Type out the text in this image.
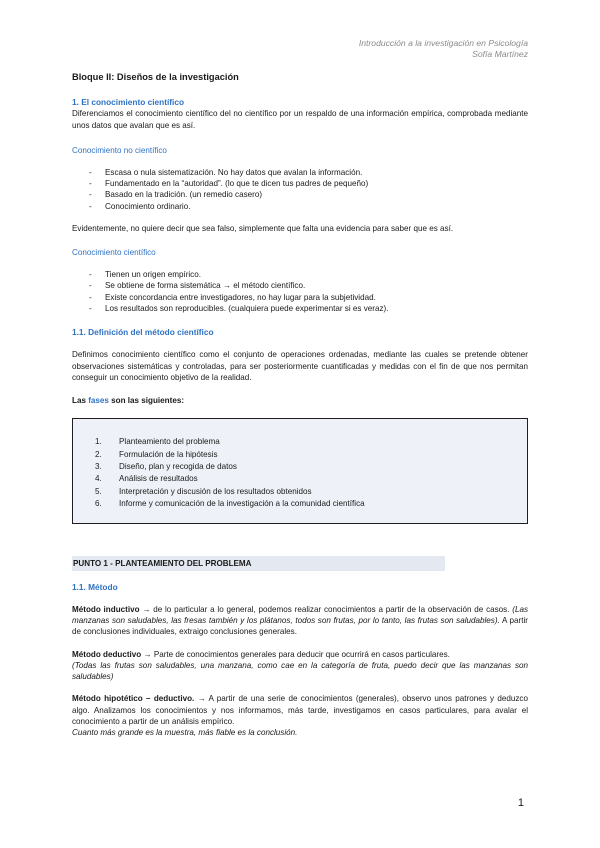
Introducción a la investigación en Psicología
Sofía Martínez
Bloque II: Diseños de la investigación
1. El conocimiento científico

Diferenciamos el conocimiento científico del no científico por un respaldo de una información empírica, comprobada mediante unos datos que avalan que es así.

Conocimiento no científico
- Escasa o nula sistematización. No hay datos que avalan la información.
- Fundamentado en la “autoridad”. (lo que te dicen tus padres de pequeño)
- Basado en la tradición. (un remedio casero)
- Conocimiento ordinario.

Evidentemente, no quiere decir que sea falso, simplemente que falta una evidencia para saber que es así.

Conocimiento científico
- Tienen un origen empírico.
- Se obtiene de forma sistemática → el método científico.
- Existe concordancia entre investigadores, no hay lugar para la subjetividad.
- Los resultados son reproducibles. (cualquiera puede experimentar si es veraz).
1.1. Definición del método científico

Definimos conocimiento científico como el conjunto de operaciones ordenadas, mediante las cuales se pretende obtener observaciones sistemáticas y controladas, para ser posteriormente cuantificadas y medidas con el fin de que nos permitan conseguir un conocimiento objetivo de la realidad.

Las fases son las siguientes:

1.	Planteamiento del problema
2.	Formulación de la hipótesis
3.	Diseño, plan y recogida de datos
4.	Análisis de resultados
5.	Interpretación y discusión de los resultados obtenidos
6.	Informe y comunicación de la investigación a la comunidad científica
PUNTO 1 - PLANTEAMIENTO DEL PROBLEMA
1.1. Método

Método inductivo → de lo particular a lo general, podemos realizar conocimientos a partir de la observación de casos. (Las manzanas son saludables, las fresas también y los plátanos, todos son frutas, por lo tanto, las frutas son saludables). A partir de conclusiones individuales, extraigo conclusiones generales.

Método deductivo → Parte de conocimientos generales para deducir que ocurrirá en casos particulares.
(Todas las frutas son saludables, una manzana, como cae en la categoría de fruta, puedo decir que las manzanas son saludables)

Método hipotético – deductivo. → A partir de una serie de conocimientos (generales), observo unos patrones y deduzco algo. Analizamos los conocimientos y nos informamos, más tarde, investigamos en casos particulares, para avalar el conocimiento a partir de un análisis empírico.
Cuanto más grande es la muestra, más fiable es la conclusión.

1
